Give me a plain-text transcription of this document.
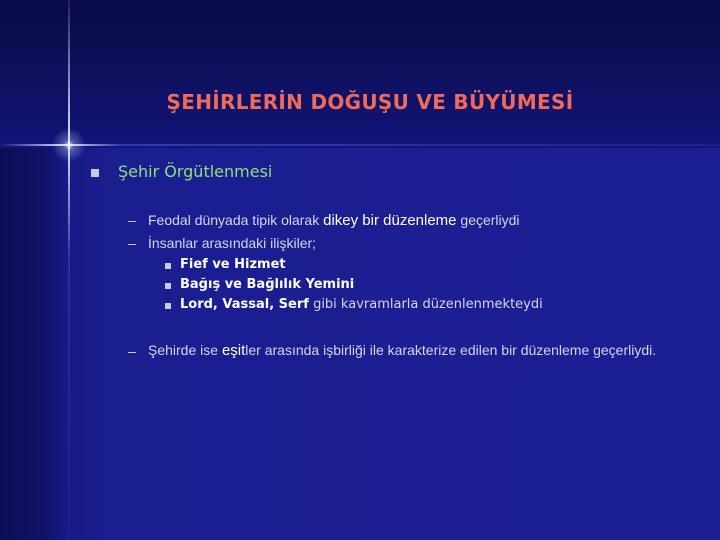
ŞEHİRLERİN DOĞUŞU VE BÜYÜMESİ
Şehir Örgütlenmesi
– Feodal dünyada tipik olarak dikey bir düzenleme geçerliydi
– İnsanlar arasındaki ilişkiler;
Fief ve Hizmet
Bağış ve Bağlılık Yemini
Lord, Vassal, Serf gibi kavramlarla düzenlenmekteydi
– Şehirde ise eşitler arasında işbirliği ile karakterize edilen bir düzenleme geçerliydi.
